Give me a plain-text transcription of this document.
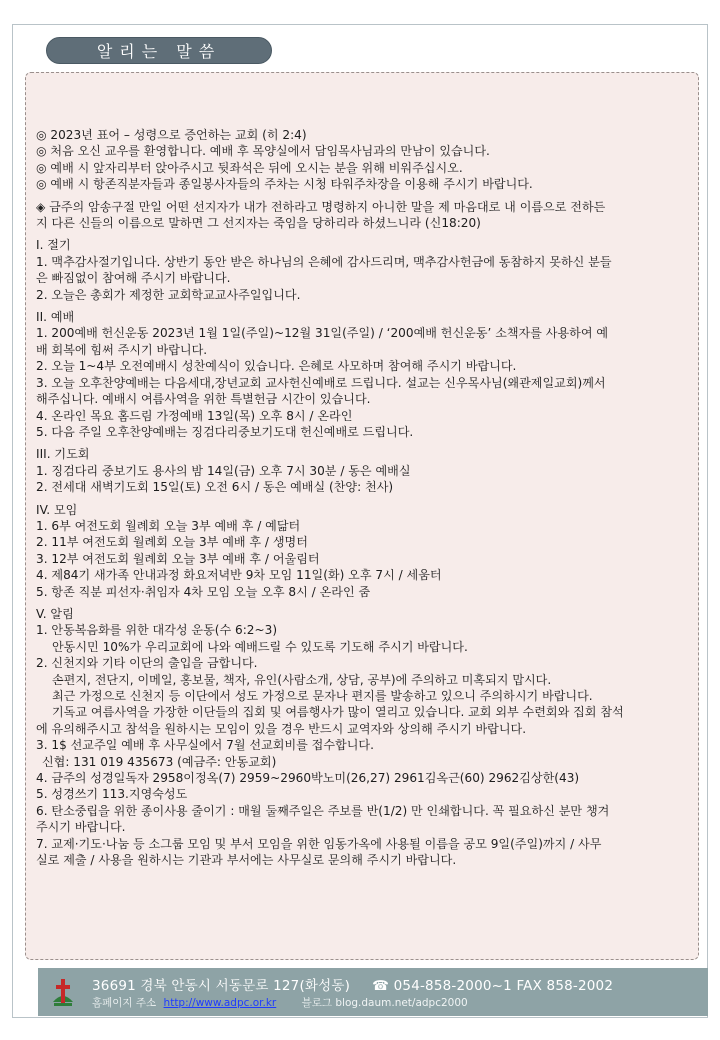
알리는 말씀
◎ 2023년 표어 – 성령으로 증언하는 교회 (히 2:4)
◎ 처음 오신 교우를 환영합니다. 예배 후 목양실에서 담임목사님과의 만남이 있습니다.
◎ 예배 시 앞자리부터 앉아주시고 뒷좌석은 뒤에 오시는 분을 위해 비워주십시오.
◎ 예배 시 항존직분자들과 종일봉사자들의 주차는 시청 타워주차장을 이용해 주시기 바랍니다.
◈ 금주의 암송구절 만일 어떤 선지자가 내가 전하라고 명령하지 아니한 말을 제 마음대로 내 이름으로 전하든
지 다른 신들의 이름으로 말하면 그 선지자는 죽임을 당하리라 하셨느니라 (신18:20)
I. 절기
1. 맥추감사절기입니다. 상반기 동안 받은 하나님의 은혜에 감사드리며, 맥추감사헌금에 동참하지 못하신 분들
은 빠짐없이 참여해 주시기 바랍니다.
2. 오늘은 총회가 제정한 교회학교교사주일입니다.
II. 예배
1. 200예배 헌신운동 2023년 1월 1일(주일)~12월 31일(주일) / ‘200예배 헌신운동’ 소책자를 사용하여 예
배 회복에 힘써 주시기 바랍니다.
2. 오늘 1~4부 오전예배시 성찬예식이 있습니다. 은혜로 사모하며 참여해 주시기 바랍니다.
3. 오늘 오후찬양예배는 다음세대,장년교회 교사헌신예배로 드립니다. 설교는 신우목사님(왜관제일교회)께서
해주십니다. 예배시 여름사역을 위한 특별헌금 시간이 있습니다.
4. 온라인 목요 홈드림 가정예배 13일(목) 오후 8시 / 온라인
5. 다음 주일 오후찬양예배는 징검다리중보기도대 헌신예배로 드립니다.
III. 기도회
1. 징검다리 중보기도 용사의 밤 14일(금) 오후 7시 30분 / 동은 예배실
2. 전세대 새벽기도회 15일(토) 오전 6시 / 동은 예배실 (찬양: 천사)
IV. 모임
1. 6부 여전도회 월례회 오늘 3부 예배 후 / 예닮터
2. 11부 여전도회 월례회 오늘 3부 예배 후 / 생명터
3. 12부 여전도회 월례회 오늘 3부 예배 후 / 어울림터
4. 제84기 새가족 안내과정 화요저녁반 9차 모임 11일(화) 오후 7시 / 세움터
5. 항존 직분 피선자·취임자 4차 모임 오늘 오후 8시 / 온라인 줌
V. 알림
1. 안동복음화를 위한 대각성 운동(수 6:2~3)
안동시민 10%가 우리교회에 나와 예배드릴 수 있도록 기도해 주시기 바랍니다.
2. 신천지와 기타 이단의 출입을 금합니다.
손편지, 전단지, 이메일, 홍보물, 책자, 유인(사람소개, 상담, 공부)에 주의하고 미혹되지 맙시다.
최근 가정으로 신천지 등 이단에서 성도 가정으로 문자나 편지를 발송하고 있으니 주의하시기 바랍니다.
기독교 여름사역을 가장한 이단들의 집회 및 여름행사가 많이 열리고 있습니다. 교회 외부 수련회와 집회 참석
에 유의해주시고 참석을 원하시는 모임이 있을 경우 반드시 교역자와 상의해 주시기 바랍니다.
3. 1$ 선교주일 예배 후 사무실에서 7월 선교회비를 접수합니다.
신협: 131 019 435673 (예금주: 안동교회)
4. 금주의 성경일독자 2958이정옥(7) 2959~2960박노미(26,27) 2961김옥근(60) 2962김상한(43)
5. 성경쓰기 113.지영숙성도
6. 탄소중립을 위한 종이사용 줄이기 : 매월 둘째주일은 주보를 반(1/2) 만 인쇄합니다. 꼭 필요하신 분만 챙겨
주시기 바랍니다.
7. 교제·기도·나눔 등 소그룹 모임 및 부서 모임을 위한 임동가옥에 사용될 이름을 공모 9일(주일)까지 / 사무
실로 제출 / 사용을 원하시는 기관과 부서에는 사무실로 문의해 주시기 바랍니다.
36691 경북 안동시 서동문로 127(화성동) ☎ 054-858-2000~1 FAX 858-2002
홈페이지 주소 http://www.adpc.or.kr 블로그 blog.daum.net/adpc2000
